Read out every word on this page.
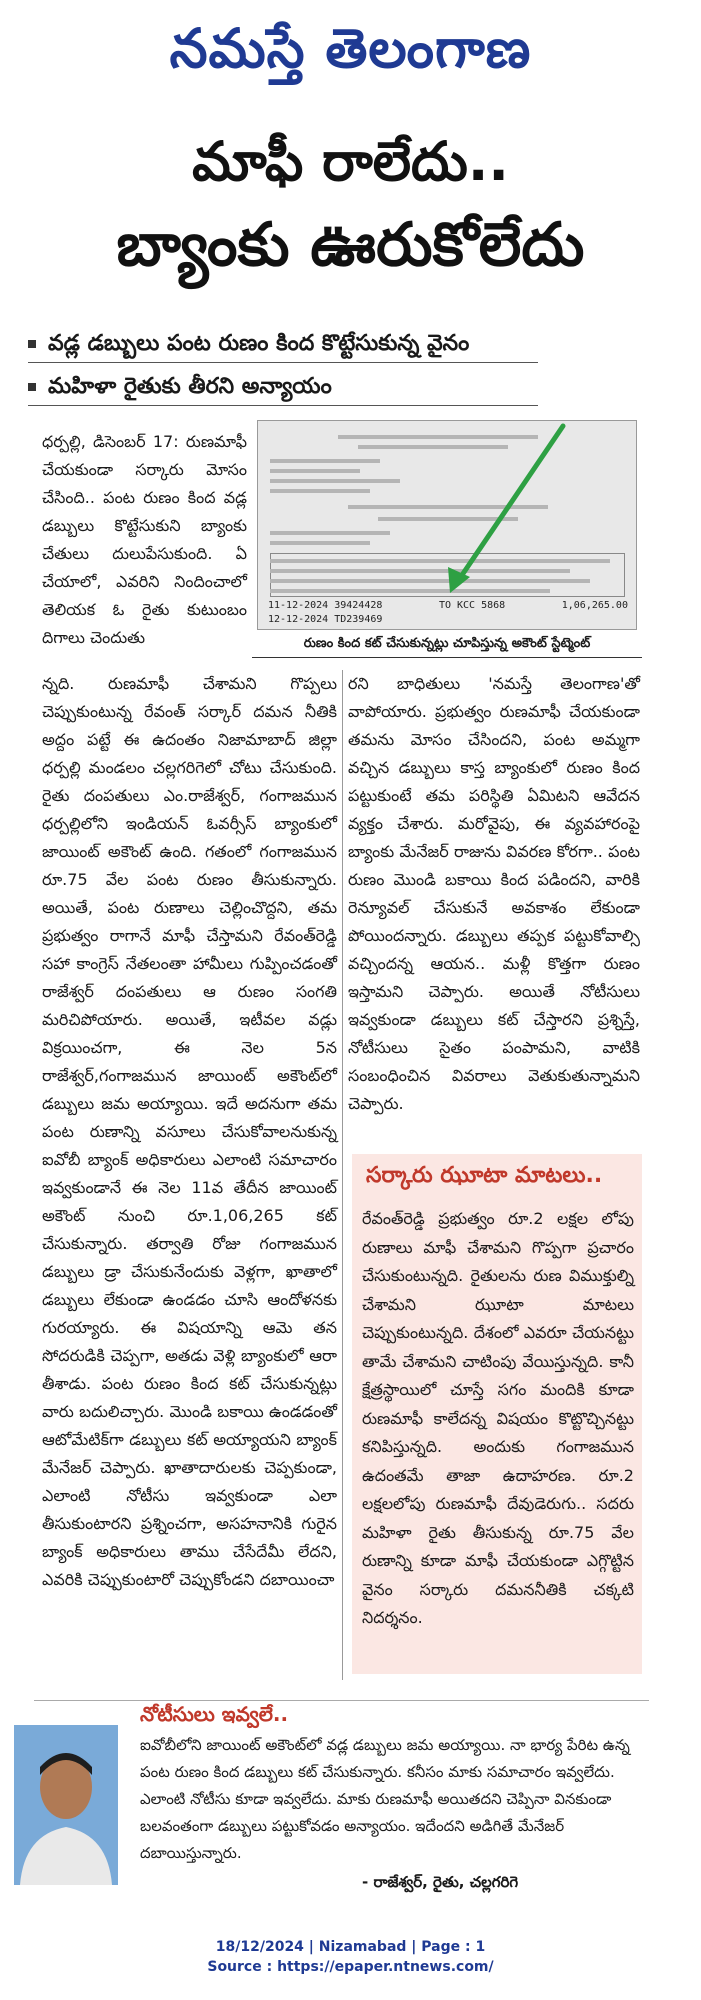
నమస్తే తెలంగాణ
మాఫీ రాలేదు..
బ్యాంకు ఊరుకోలేదు
వడ్ల డబ్బులు పంట రుణం కింద కొట్టేసుకున్న వైనం
మహిళా రైతుకు తీరని అన్యాయం
11-12-2024 39424428	TO KCC 5868	1,06,265.00
12-12-2024 TD239469
రుణం కింద కట్ చేసుకున్నట్లు చూపిస్తున్న అకౌంట్ స్టేట్మెంట్
ధర్పల్లి, డిసెంబర్ 17: రుణమాఫీ చేయకుండా సర్కారు మోసం చేసింది.. పంట రుణం కింద వడ్ల డబ్బులు కొట్టేసుకుని బ్యాంకు చేతులు దులుపేసుకుంది. ఏ చేయాలో, ఎవరిని నిందించాలో తెలియక ఓ రైతు కుటుంబం దిగాలు చెందుతు
న్నది. రుణమాఫీ చేశామని గొప్పలు చెప్పుకుంటున్న రేవంత్ సర్కార్ దమన నీతికి అద్దం పట్టే ఈ ఉదంతం నిజామాబాద్ జిల్లా ధర్పల్లి మండలం చల్లగరిగెలో చోటు చేసుకుంది. రైతు దంపతులు ఎం.రాజేశ్వర్, గంగాజమున ధర్పల్లిలోని ఇండియన్ ఓవర్సీస్ బ్యాంకులో జాయింట్ అకౌంట్ ఉంది. గతంలో గంగాజమున రూ.75 వేల పంట రుణం తీసుకున్నారు. అయితే, పంట రుణాలు చెల్లించొద్దని, తమ ప్రభుత్వం రాగానే మాఫీ చేస్తామని రేవంత్‌రెడ్డి సహా కాంగ్రెస్ నేతలంతా హామీలు గుప్పించడంతో రాజేశ్వర్ దంపతులు ఆ రుణం సంగతి మరిచిపోయారు. అయితే, ఇటీవల వడ్లు విక్రయించగా, ఈ నెల 5న రాజేశ్వర్,గంగాజమున జాయింట్ అకౌంట్‌లో డబ్బులు జమ అయ్యాయి. ఇదే అదనుగా తమ పంట రుణాన్ని వసూలు చేసుకోవాలనుకున్న ఐవోబీ బ్యాంక్ అధికారులు ఎలాంటి సమాచారం ఇవ్వకుండానే ఈ నెల 11వ తేదీన జాయింట్ అకౌంట్ నుంచి రూ.1,06,265 కట్ చేసుకున్నారు. తర్వాతి రోజు గంగాజమున డబ్బులు డ్రా చేసుకునేందుకు వెళ్లగా, ఖాతాలో డబ్బులు లేకుండా ఉండడం చూసి ఆందోళనకు గురయ్యారు. ఈ విషయాన్ని ఆమె తన సోదరుడికి చెప్పగా, అతడు వెళ్లి బ్యాంకులో ఆరా తీశాడు. పంట రుణం కింద కట్ చేసుకున్నట్లు వారు బదులిచ్చారు. మొండి బకాయి ఉండడంతో ఆటోమేటిక్‌గా డబ్బులు కట్ అయ్యాయని బ్యాంక్ మేనేజర్ చెప్పారు. ఖాతాదారులకు చెప్పకుండా, ఎలాంటి నోటీసు ఇవ్వకుండా ఎలా తీసుకుంటారని ప్రశ్నించగా, అసహనానికి గురైన బ్యాంక్ అధికారులు తాము చేసేదేమీ లేదని, ఎవరికి చెప్పుకుంటారో చెప్పుకోండని దబాయించా
రని బాధితులు 'నమస్తే తెలంగాణ'తో వాపోయారు. ప్రభుత్వం రుణమాఫీ చేయకుండా తమను మోసం చేసిందని, పంట అమ్మగా వచ్చిన డబ్బులు కాస్త బ్యాంకులో రుణం కింద పట్టుకుంటే తమ పరిస్థితి ఏమిటని ఆవేదన వ్యక్తం చేశారు. మరోవైపు, ఈ వ్యవహారంపై బ్యాంకు మేనేజర్ రాజును వివరణ కోరగా.. పంట రుణం మొండి బకాయి కింద పడిందని, వారికి రెన్యూవల్ చేసుకునే అవకాశం లేకుండా పోయిందన్నారు. డబ్బులు తప్పక పట్టుకోవాల్సి వచ్చిందన్న ఆయన.. మళ్లీ కొత్తగా రుణం ఇస్తామని చెప్పారు. అయితే నోటీసులు ఇవ్వకుండా డబ్బులు కట్ చేస్తారని ప్రశ్నిస్తే, నోటీసులు సైతం పంపామని, వాటికి సంబంధించిన వివరాలు వెతుకుతున్నామని చెప్పారు.
సర్కారు ఝూటా మాటలు..
రేవంత్‌రెడ్డి ప్రభుత్వం రూ.2 లక్షల లోపు రుణాలు మాఫీ చేశామని గొప్పగా ప్రచారం చేసుకుంటున్నది. రైతులను రుణ విముక్తుల్ని చేశామని ఝూటా మాటలు చెప్పుకుంటున్నది. దేశంలో ఎవరూ చేయనట్టు తామే చేశామని చాటింపు వేయిస్తున్నది. కానీ క్షేత్రస్థాయిలో చూస్తే సగం మందికి కూడా రుణమాఫీ కాలేదన్న విషయం కొట్టొచ్చినట్టు కనిపిస్తున్నది. అందుకు గంగాజమున ఉదంతమే తాజా ఉదాహరణ. రూ.2 లక్షలలోపు రుణమాఫీ దేవుడెరుగు.. సదరు మహిళా రైతు తీసుకున్న రూ.75 వేల రుణాన్ని కూడా మాఫీ చేయకుండా ఎగ్గొట్టిన వైనం సర్కారు దమననీతికి చక్కటి నిదర్శనం.
నోటీసులు ఇవ్వలే..
ఐవోబీలోని జాయింట్ అకౌంట్‌లో వడ్ల డబ్బులు జమ అయ్యాయి. నా భార్య పేరిట ఉన్న పంట రుణం కింద డబ్బులు కట్ చేసుకున్నారు. కనీసం మాకు సమాచారం ఇవ్వలేదు. ఎలాంటి నోటీసు కూడా ఇవ్వలేదు. మాకు రుణమాఫీ అయితదని చెప్పినా వినకుండా బలవంతంగా డబ్బులు పట్టుకోవడం అన్యాయం. ఇదేందని అడిగితే మేనేజర్ దబాయిస్తున్నారు.
- రాజేశ్వర్, రైతు, చల్లగరిగె
18/12/2024 | Nizamabad | Page : 1
Source : https://epaper.ntnews.com/
